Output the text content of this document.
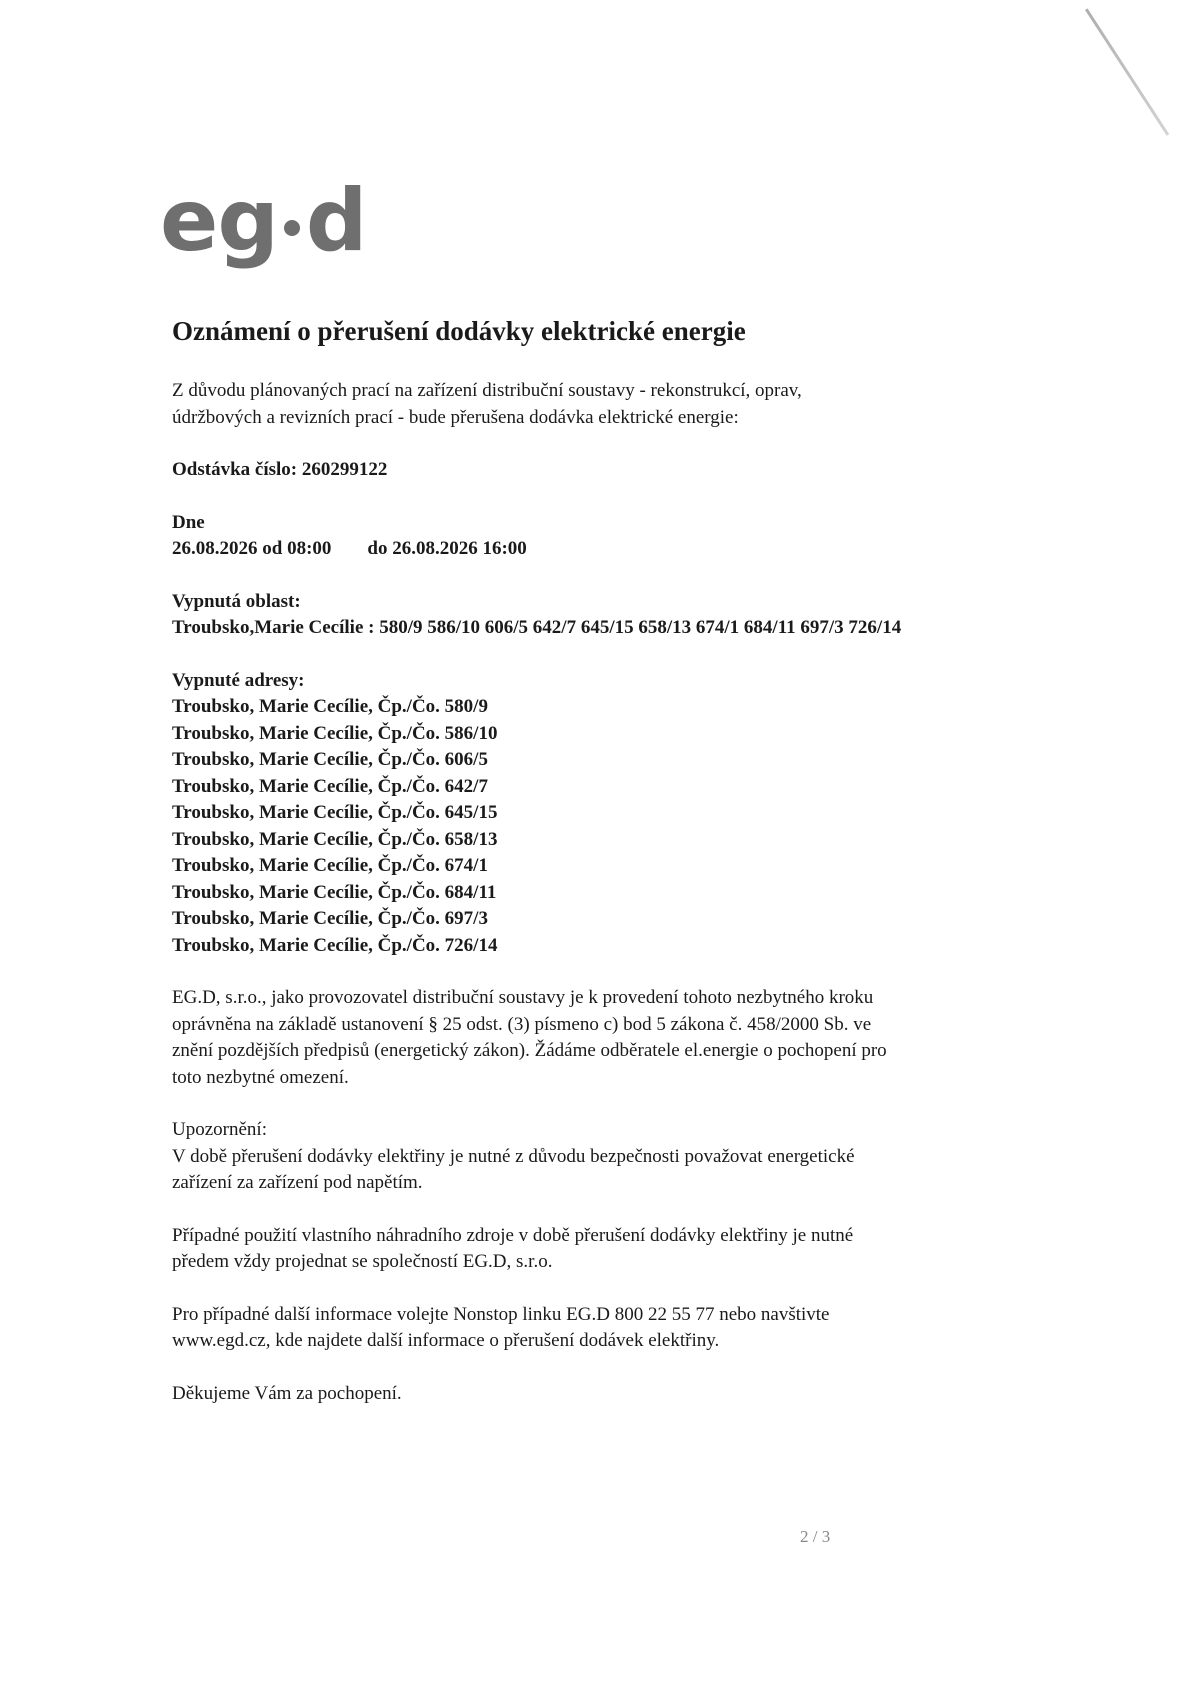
eg d
Oznámení o přerušení dodávky elektrické energie

Z důvodu plánovaných prací na zařízení distribuční soustavy - rekonstrukcí, oprav,

údržbových a revizních prací - bude přerušena dodávka elektrické energie:

Odstávka číslo: 260299122

Dne

26.08.2026 od 08:00 do 26.08.2026 16:00

Vypnutá oblast:

Troubsko,Marie Cecílie : 580/9 586/10 606/5 642/7 645/15 658/13 674/1 684/11 697/3 726/14

Vypnuté adresy:

Troubsko, Marie Cecílie, Čp./Čo. 580/9
Troubsko, Marie Cecílie, Čp./Čo. 586/10
Troubsko, Marie Cecílie, Čp./Čo. 606/5
Troubsko, Marie Cecílie, Čp./Čo. 642/7
Troubsko, Marie Cecílie, Čp./Čo. 645/15
Troubsko, Marie Cecílie, Čp./Čo. 658/13
Troubsko, Marie Cecílie, Čp./Čo. 674/1
Troubsko, Marie Cecílie, Čp./Čo. 684/11
Troubsko, Marie Cecílie, Čp./Čo. 697/3
Troubsko, Marie Cecílie, Čp./Čo. 726/14

EG.D, s.r.o., jako provozovatel distribuční soustavy je k provedení tohoto nezbytného kroku

oprávněna na základě ustanovení § 25 odst. (3) písmeno c) bod 5 zákona č. 458/2000 Sb. ve

znění pozdějších předpisů (energetický zákon). Žádáme odběratele el.energie o pochopení pro

toto nezbytné omezení.

Upozornění:

V době přerušení dodávky elektřiny je nutné z důvodu bezpečnosti považovat energetické

zařízení za zařízení pod napětím.

Případné použití vlastního náhradního zdroje v době přerušení dodávky elektřiny je nutné

předem vždy projednat se společností EG.D, s.r.o.

Pro případné další informace volejte Nonstop linku EG.D 800 22 55 77 nebo navštivte

www.egd.cz, kde najdete další informace o přerušení dodávek elektřiny.

Děkujeme Vám za pochopení.

2 / 3
